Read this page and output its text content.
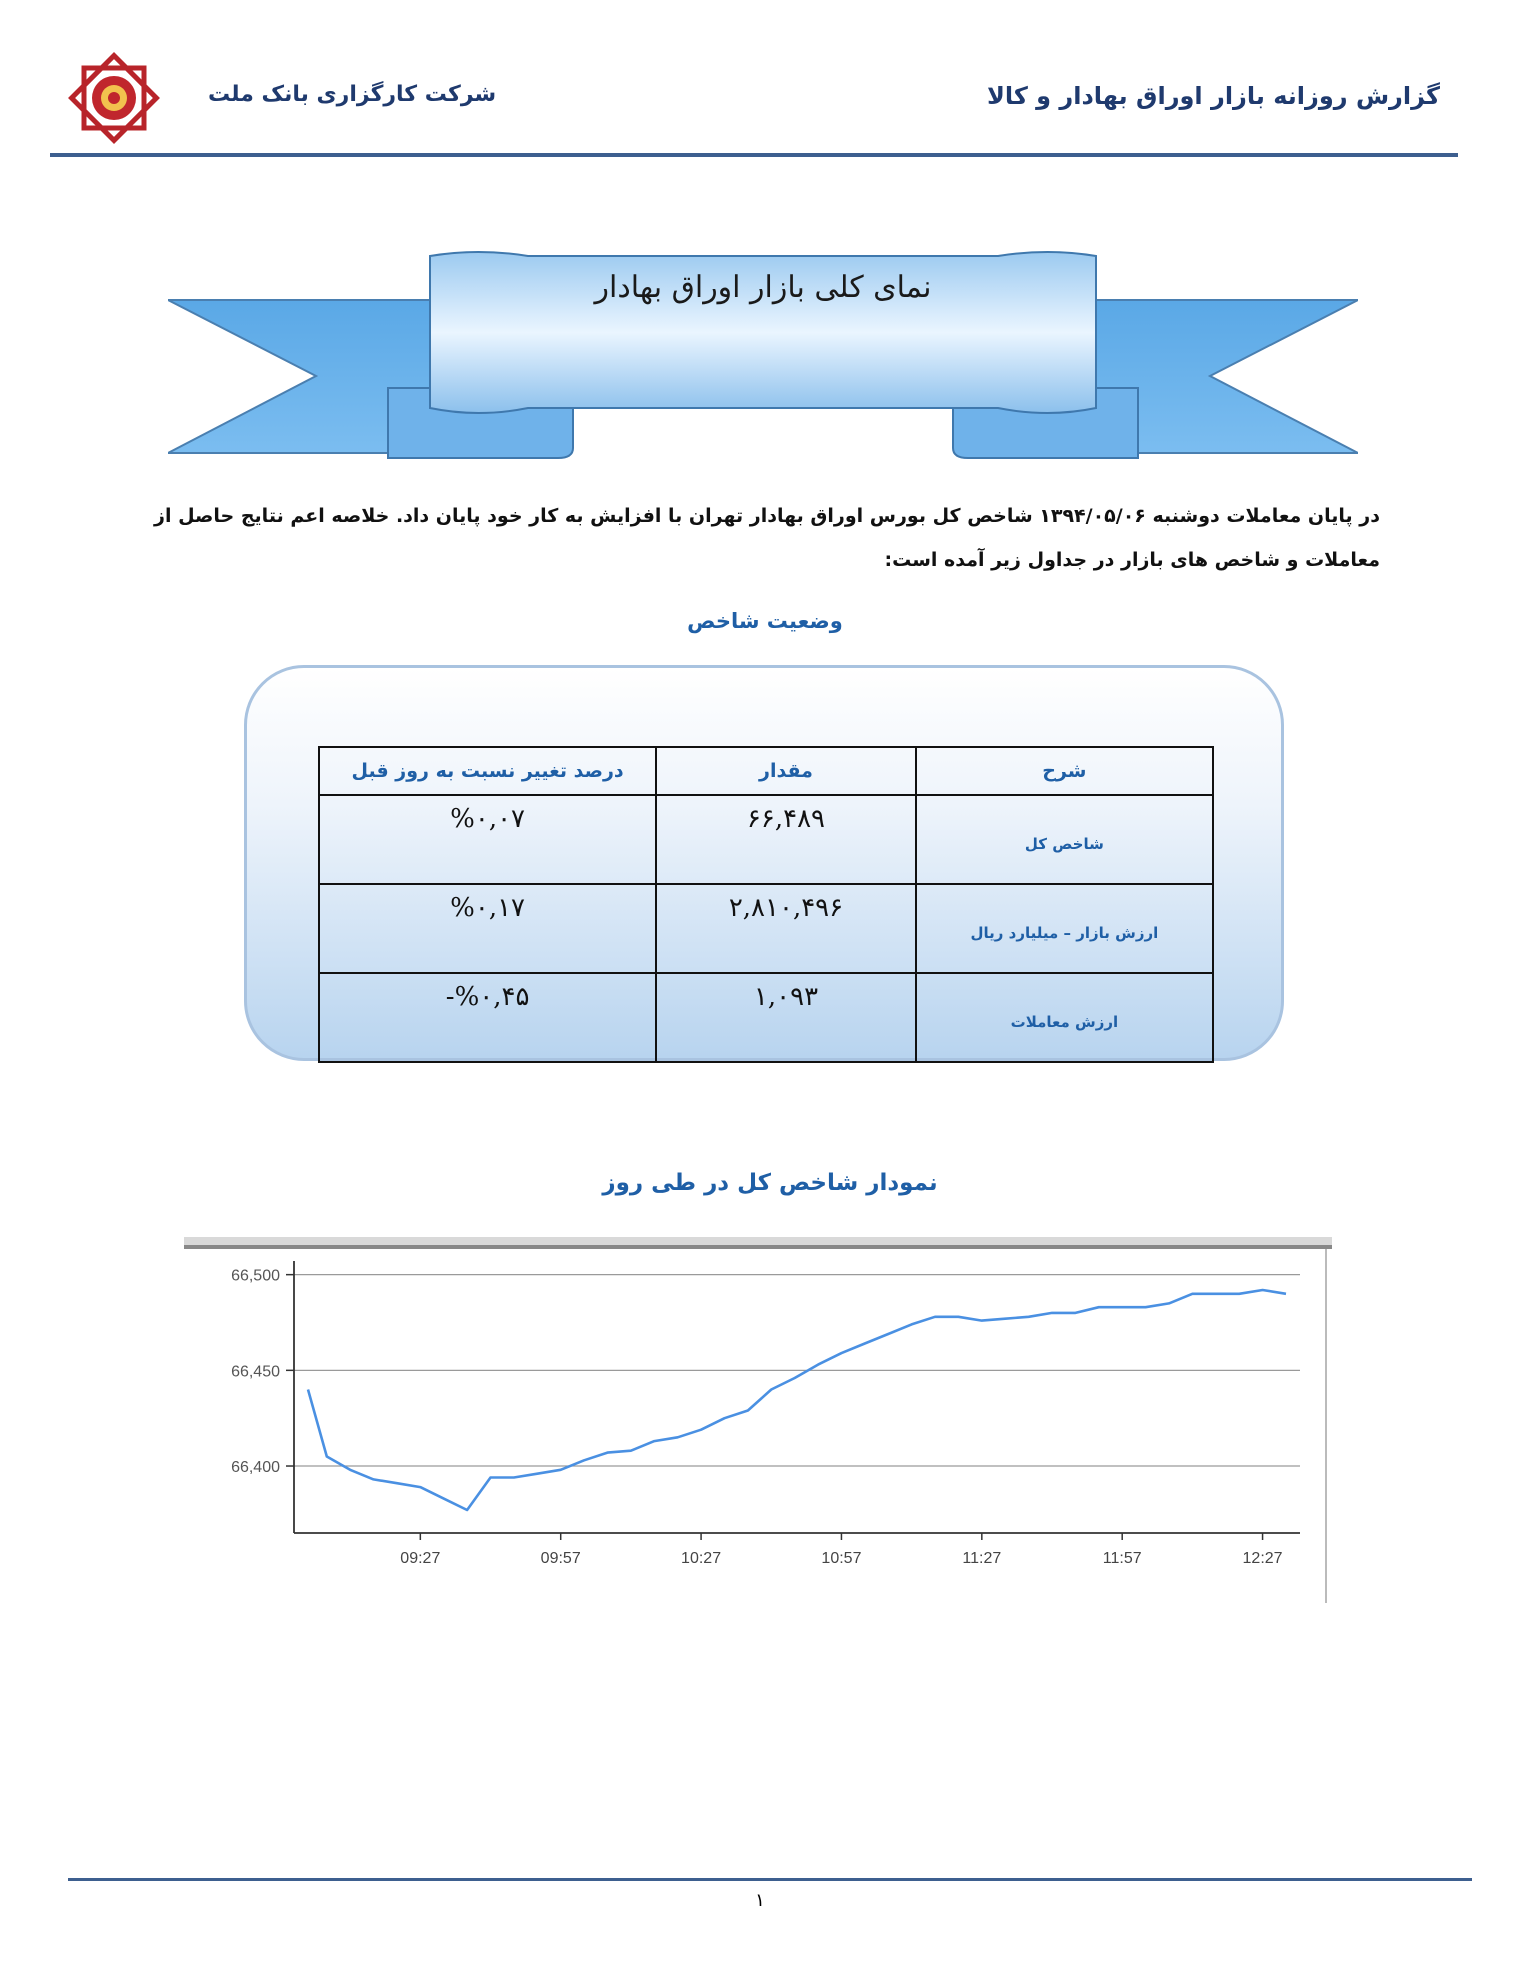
گزارش روزانه بازار اوراق بهادار و کالا
شرکت کارگزاری بانک ملت
نمای کلی بازار اوراق بهادار
در پایان معاملات دوشنبه ۱۳۹۴/۰۵/۰۶ شاخص کل بورس اوراق بهادار تهران با افزایش به کار خود پایان داد. خلاصه اعم نتایج حاصل از معاملات و شاخص های بازار در جداول زیر آمده است:
وضعیت شاخص
شرح	مقدار	درصد تغییر نسبت به روز قبل
شاخص کل	۶۶,۴۸۹	%۰,۰۷
ارزش بازار – میلیارد ریال	۲,۸۱۰,۴۹۶	%۰,۱۷
ارزش معاملات	۱,۰۹۳	%۰,۴۵-
نمودار شاخص کل در طی روز
66,400
66,450
66,500
09:27	09:57	10:27	10:57	11:27	11:57	12:27
۱
